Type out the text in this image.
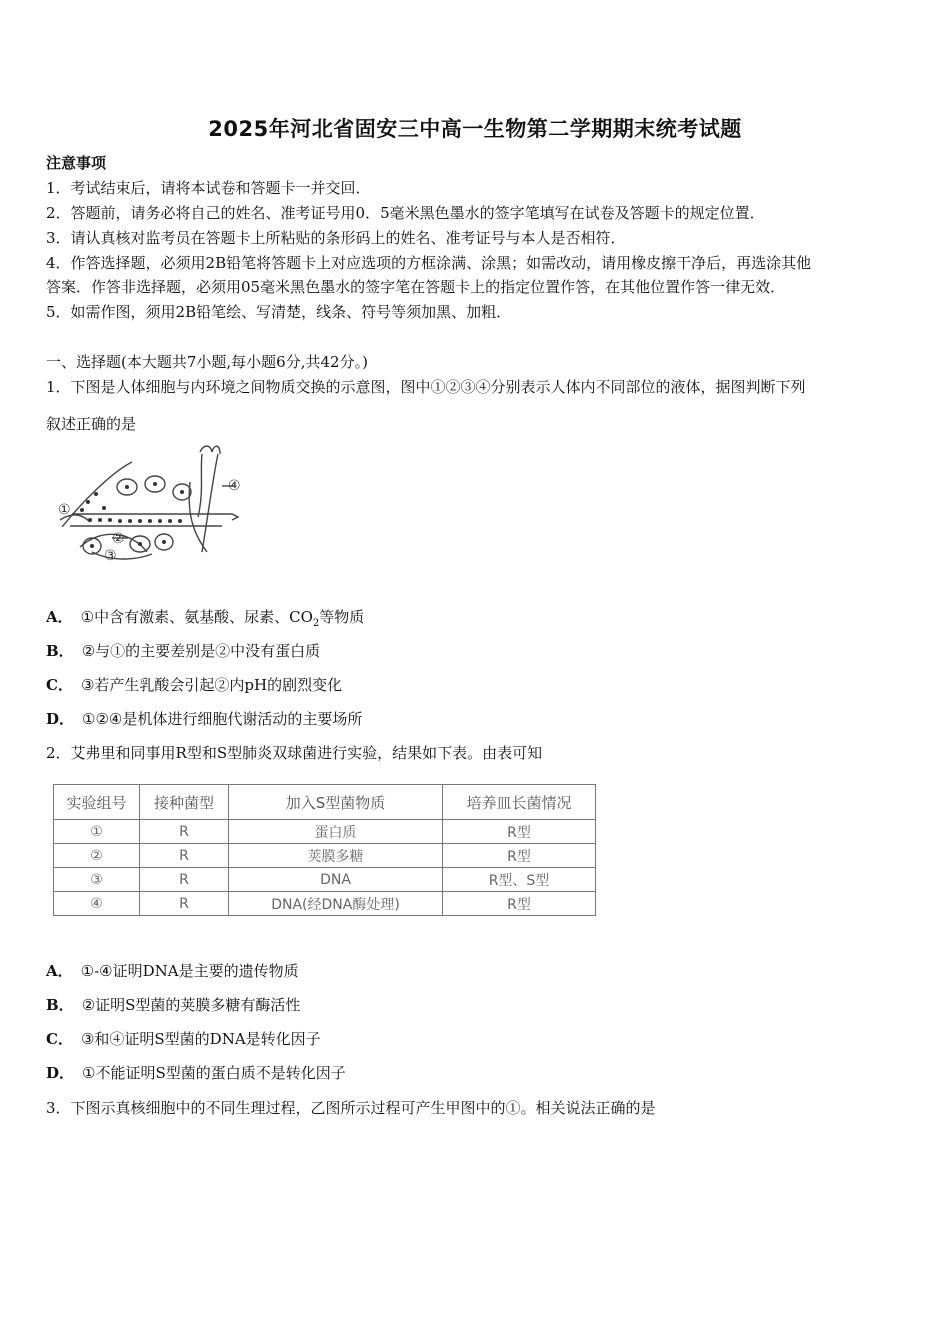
2025年河北省固安三中高一生物第二学期期末统考试题
注意事项
1．考试结束后，请将本试卷和答题卡一并交回．
2．答题前，请务必将自己的姓名、准考证号用0．5毫米黑色墨水的签字笔填写在试卷及答题卡的规定位置．
3．请认真核对监考员在答题卡上所粘贴的条形码上的姓名、准考证号与本人是否相符．
4．作答选择题，必须用2B铅笔将答题卡上对应选项的方框涂满、涂黑；如需改动，请用橡皮擦干净后，再选涂其他
答案．作答非选择题，必须用05毫米黑色墨水的签字笔在答题卡上的指定位置作答，在其他位置作答一律无效．
5．如需作图，须用2B铅笔绘、写清楚，线条、符号等须加黑、加粗．
一、选择题(本大题共7小题,每小题6分,共42分。)
1．下图是人体细胞与内环境之间物质交换的示意图，图中①②③④分别表示人体内不同部位的液体，据图判断下列
叙述正确的是
①
②
③
④
A． ①中含有激素、氨基酸、尿素、$CO_2$等物质
B． ②与①的主要差别是②中没有蛋白质
C． ③若产生乳酸会引起②内pH的剧烈变化
D． ①②④是机体进行细胞代谢活动的主要场所
2．艾弗里和同事用R型和S型肺炎双球菌进行实验，结果如下表。由表可知
实验组号	接种菌型	加入S型菌物质	培养皿长菌情况
①	R	蛋白质	R型
②	R	荚膜多糖	R型
③	R	DNA	R型、S型
④	R	DNA(经DNA酶处理)	R型
A． ①-④证明DNA是主要的遗传物质
B． ②证明S型菌的荚膜多糖有酶活性
C． ③和④证明S型菌的DNA是转化因子
D． ①不能证明S型菌的蛋白质不是转化因子
3．下图示真核细胞中的不同生理过程，乙图所示过程可产生甲图中的①。相关说法正确的是
